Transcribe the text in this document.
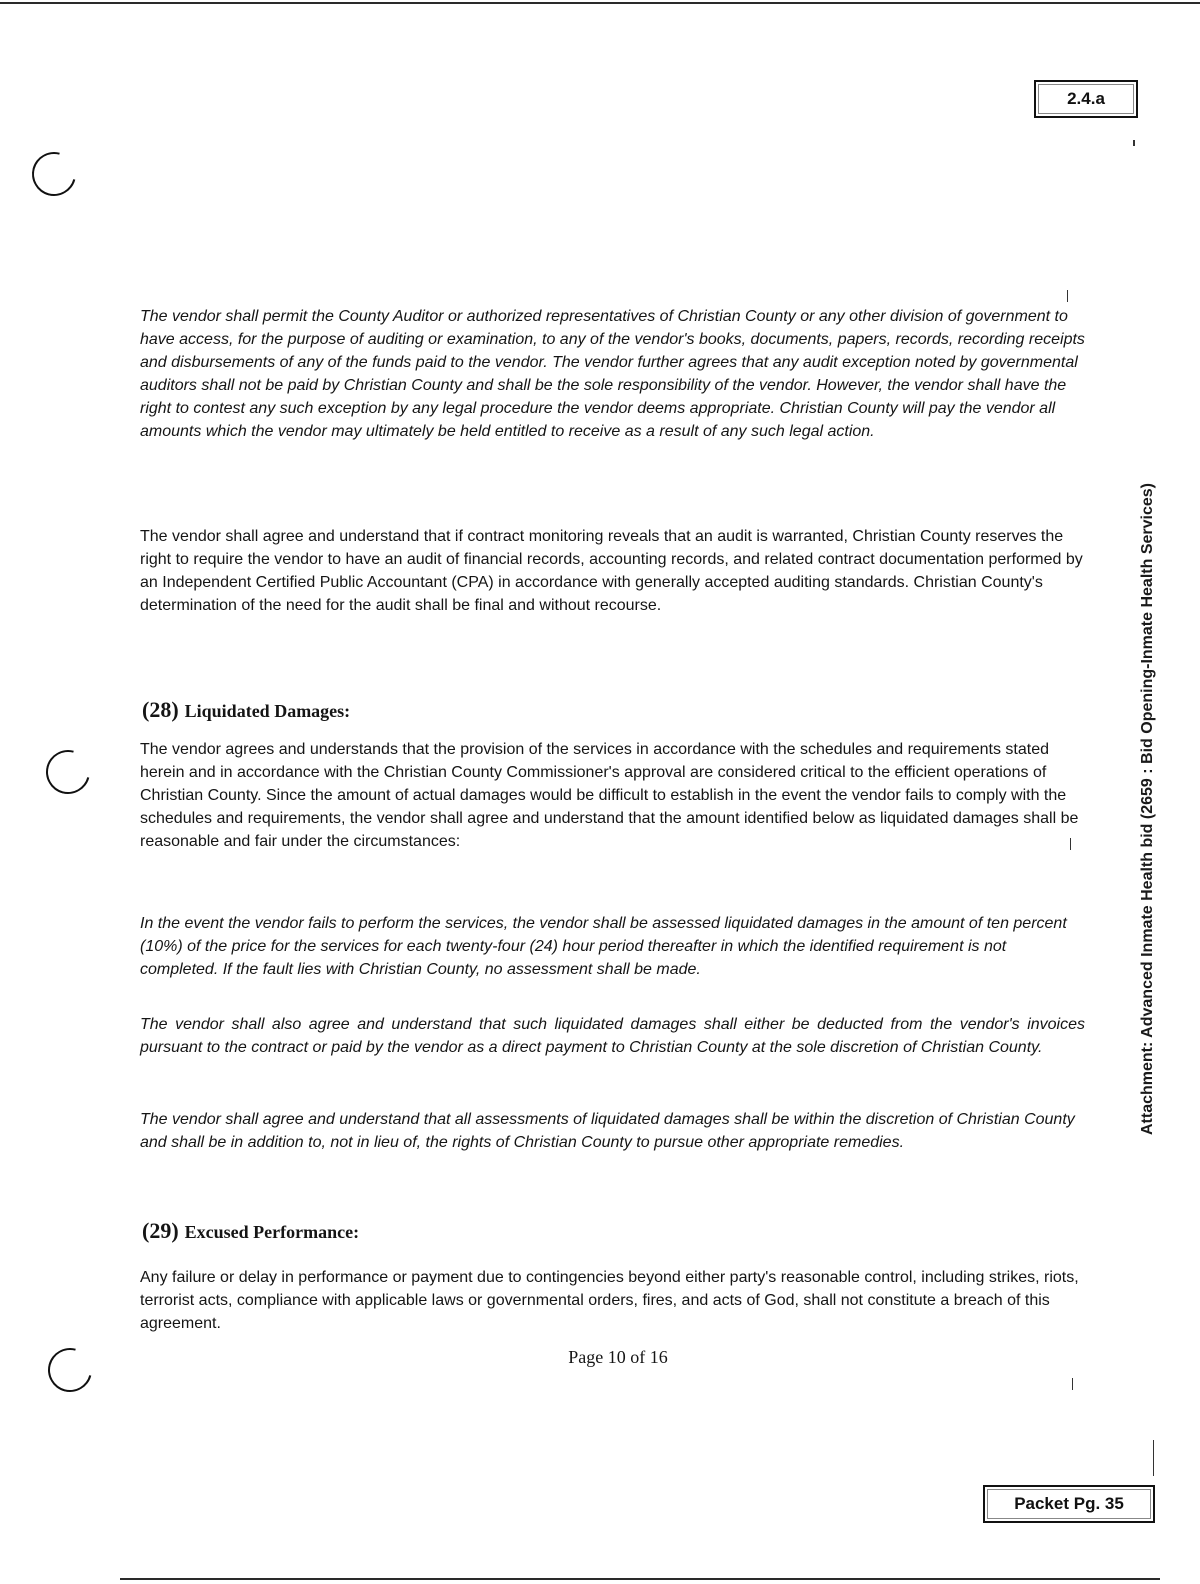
2.4.a
Attachment: Advanced Inmate Health bid (2659 : Bid Opening-Inmate Health Services)

The vendor shall permit the County Auditor or authorized representatives of Christian County or any other division of government to have access, for the purpose of auditing or examination, to any of the vendor's books, documents, papers, records, recording receipts and disbursements of any of the funds paid to the vendor. The vendor further agrees that any audit exception noted by governmental auditors shall not be paid by Christian County and shall be the sole responsibility of the vendor. However, the vendor shall have the right to contest any such exception by any legal procedure the vendor deems appropriate. Christian County will pay the vendor all amounts which the vendor may ultimately be held entitled to receive as a result of any such legal action.

The vendor shall agree and understand that if contract monitoring reveals that an audit is warranted, Christian County reserves the right to require the vendor to have an audit of financial records, accounting records, and related contract documentation performed by an Independent Certified Public Accountant (CPA) in accordance with generally accepted auditing standards. Christian County's determination of the need for the audit shall be final and without recourse.

(28) Liquidated Damages:

The vendor agrees and understands that the provision of the services in accordance with the schedules and requirements stated herein and in accordance with the Christian County Commissioner's approval are considered critical to the efficient operations of Christian County. Since the amount of actual damages would be difficult to establish in the event the vendor fails to comply with the schedules and requirements, the vendor shall agree and understand that the amount identified below as liquidated damages shall be reasonable and fair under the circumstances:

In the event the vendor fails to perform the services, the vendor shall be assessed liquidated damages in the amount of ten percent (10%) of the price for the services for each twenty-four (24) hour period thereafter in which the identified requirement is not completed. If the fault lies with Christian County, no assessment shall be made.

The vendor shall also agree and understand that such liquidated damages shall either be deducted from the vendor's invoices pursuant to the contract or paid by the vendor as a direct payment to Christian County at the sole discretion of Christian County.

The vendor shall agree and understand that all assessments of liquidated damages shall be within the discretion of Christian County and shall be in addition to, not in lieu of, the rights of Christian County to pursue other appropriate remedies.

(29) Excused Performance:

Any failure or delay in performance or payment due to contingencies beyond either party's reasonable control, including strikes, riots, terrorist acts, compliance with applicable laws or governmental orders, fires, and acts of God, shall not constitute a breach of this agreement.

Page 10 of 16
Packet Pg. 35
